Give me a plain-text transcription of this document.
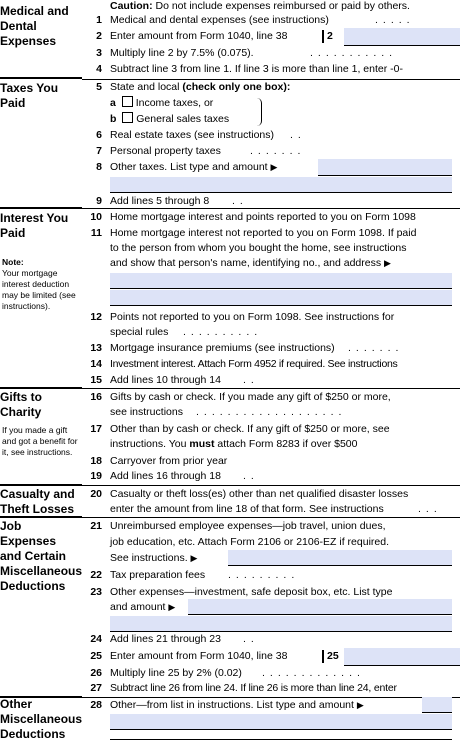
Caution: Do not include expenses reimbursed or paid by others.
Medical and Dental Expenses
Taxes You Paid
Interest You Paid
Note:
Your mortgage interest deduction may be limited (see instructions).
Gifts to Charity
If you made a gift and got a benefit for it, see instructions.
Casualty and Theft Losses
Job Expenses and Certain Miscellaneous Deductions
Other Miscellaneous Deductions
1 Medical and dental expenses (see instructions)	.....
2 Enter amount from Form 1040, line 38	2
3 Multiply line 2 by 7.5% (0.075).	...........
4 Subtract line 3 from line 1. If line 3 is more than line 1, enter -0-
5 State and local (check only one box):
a Income taxes, or
b General sales taxes
6 Real estate taxes (see instructions) ..
7 Personal property taxes	.......
8 Other taxes. List type and amount ▶
9 Add lines 5 through 8 ..
10 Home mortgage interest and points reported to you on Form 1098
11 Home mortgage interest not reported to you on Form 1098. If paid
to the person from whom you bought the home, see instructions
and show that person's name, identifying no., and address ▶
12 Points not reported to you on Form 1098. See instructions for
special rules ..........
13 Mortgage insurance premiums (see instructions) .......
14 Investment interest. Attach Form 4952 if required. See instructions
15 Add lines 10 through 14 ..
16 Gifts by cash or check. If you made any gift of $250 or more,
see instructions ...................
17 Other than by cash or check. If any gift of $250 or more, see
instructions. You must attach Form 8283 if over $500
18 Carryover from prior year
19 Add lines 16 through 18 ..
20 Casualty or theft loss(es) other than net qualified disaster losses
enter the amount from line 18 of that form. See instructions	...
21 Unreimbursed employee expenses—job travel, union dues,
job education, etc. Attach Form 2106 or 2106-EZ if required.
See instructions. ▶
22 Tax preparation fees .........
23 Other expenses—investment, safe deposit box, etc. List type
and amount ▶
24 Add lines 21 through 23 ..
25 Enter amount from Form 1040, line 38	25
26 Multiply line 25 by 2% (0.02) .............
27 Subtract line 26 from line 24. If line 26 is more than line 24, enter
28 Other—from list in instructions. List type and amount ▶
